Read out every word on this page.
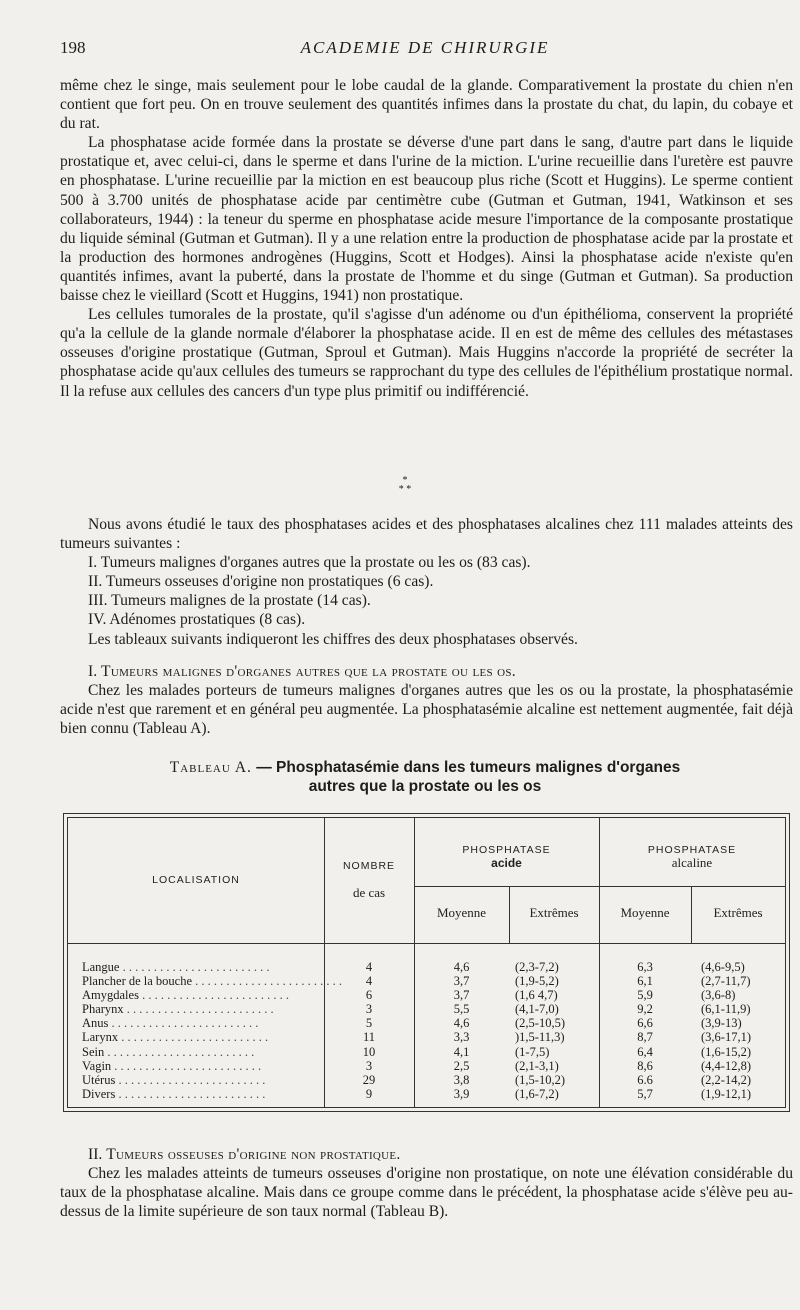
198	ACADEMIE DE CHIRURGIE

même chez le singe, mais seulement pour le lobe caudal de la glande. Comparativement la prostate du chien n'en contient que fort peu. On en trouve seulement des quantités infimes dans la prostate du chat, du lapin, du cobaye et du rat.

La phosphatase acide formée dans la prostate se déverse d'une part dans le sang, d'autre part dans le liquide prostatique et, avec celui-ci, dans le sperme et dans l'urine de la miction. L'urine recueillie dans l'uretère est pauvre en phosphatase. L'urine recueillie par la miction en est beaucoup plus riche (Scott et Huggins). Le sperme contient 500 à 3.700 unités de phosphatase acide par centimètre cube (Gutman et Gutman, 1941, Watkinson et ses collaborateurs, 1944) : la teneur du sperme en phosphatase acide mesure l'importance de la composante prostatique du liquide séminal (Gutman et Gutman). Il y a une relation entre la production de phosphatase acide par la prostate et la production des hormones androgènes (Huggins, Scott et Hodges). Ainsi la phosphatase acide n'existe qu'en quantités infimes, avant la puberté, dans la prostate de l'homme et du singe (Gutman et Gutman). Sa production baisse chez le vieillard (Scott et Huggins, 1941) non prostatique.

Les cellules tumorales de la prostate, qu'il s'agisse d'un adénome ou d'un épithélioma, conservent la propriété qu'a la cellule de la glande normale d'élaborer la phosphatase acide. Il en est de même des cellules des métastases osseuses d'origine prostatique (Gutman, Sproul et Gutman). Mais Huggins n'accorde la propriété de secréter la phosphatase acide qu'aux cellules des tumeurs se rapprochant du type des cellules de l'épithélium prostatique normal. Il la refuse aux cellules des cancers d'un type plus primitif ou indifférencié.

*
* *

Nous avons étudié le taux des phosphatases acides et des phosphatases alcalines chez 111 malades atteints des tumeurs suivantes :

I. Tumeurs malignes d'organes autres que la prostate ou les os (83 cas).

II. Tumeurs osseuses d'origine non prostatiques (6 cas).

III. Tumeurs malignes de la prostate (14 cas).

IV. Adénomes prostatiques (8 cas).

Les tableaux suivants indiqueront les chiffres des deux phosphatases observés.

I. Tumeurs malignes d'organes autres que la prostate ou les os.

Chez les malades porteurs de tumeurs malignes d'organes autres que les os ou la prostate, la phosphatasémie acide n'est que rarement et en général peu augmentée. La phosphatasémie alcaline est nettement augmentée, fait déjà bien connu (Tableau A).

Tableau A. — Phosphatasémie dans les tumeurs malignes d'organes
autres que la prostate ou les os
LOCALISATION
NOMBRE
de cas
PHOSPHATASE
acide
PHOSPHATASE
alcaline
Moyenne	Extrêmes	Moyenne	Extrêmes
Langue . . . . . . . . . . . . . . . . . . . . . . . .	4	4,6	(2,3-7,2)	6,3	(4,6-9,5)
Plancher de la bouche . . . . . . . . . . . . . . . . . . . . . . . .	4	3,7	(1,9-5,2)	6,1	(2,7-11,7)
Amygdales . . . . . . . . . . . . . . . . . . . . . . . .	6	3,7	(1,6 4,7)	5,9	(3,6-8)
Pharynx . . . . . . . . . . . . . . . . . . . . . . . .	3	5,5	(4,1-7,0)	9,2	(6,1-11,9)
Anus . . . . . . . . . . . . . . . . . . . . . . . .	5	4,6	(2,5-10,5)	6,6	(3,9-13)
Larynx . . . . . . . . . . . . . . . . . . . . . . . .	11	3,3	)1,5-11,3)	8,7	(3,6-17,1)
Sein . . . . . . . . . . . . . . . . . . . . . . . .	10	4,1	(1-7,5)	6,4	(1,6-15,2)
Vagin . . . . . . . . . . . . . . . . . . . . . . . .	3	2,5	(2,1-3,1)	8,6	(4,4-12,8)
Utérus . . . . . . . . . . . . . . . . . . . . . . . .	29	3,8	(1,5-10,2)	6.6	(2,2-14,2)
Divers . . . . . . . . . . . . . . . . . . . . . . . .	9	3,9	(1,6-7,2)	5,7	(1,9-12,1)

II. Tumeurs osseuses d'origine non prostatique.

Chez les malades atteints de tumeurs osseuses d'origine non prostatique, on note une élévation considérable du taux de la phosphatase alcaline. Mais dans ce groupe comme dans le précédent, la phosphatase acide s'élève peu au-dessus de la limite supérieure de son taux normal (Tableau B).
